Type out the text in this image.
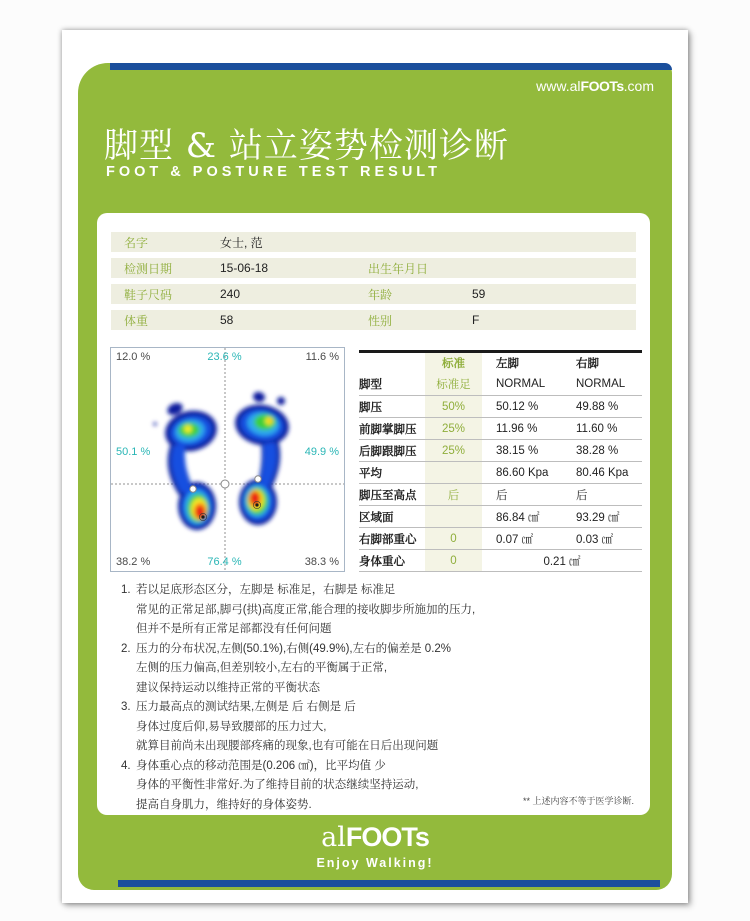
www.alFOOTs.com
脚型 & 站立姿势检测诊断
FOOT & POSTURE TEST RESULT
名字	女士, 范
检测日期	15-06-18	出生年月日
鞋子尺码	240	年龄	59
体重	58	性别	F
12.0 %	23.6 %	11.6 %
50.1 %	49.9 %
38.2 %	76.4 %	38.3 %
	标准	左脚	右脚
脚型	标准足	NORMAL	NORMAL
脚压	50%	50.12 %	49.88 %
前脚掌脚压	25%	11.96 %	11.60 %
后脚跟脚压	25%	38.15 %	38.28 %
平均		86.60 Kpa	80.46 Kpa
脚压至高点	后	后	后
区域面		86.84 ㎠	93.29 ㎠
右脚部重心	0	0.07 ㎠	0.03 ㎠
身体重心	0	0.21 ㎠	

1. 若以足底形态区分，左脚是 标准足，右脚是 标准足
常见的正常足部,脚弓(拱)高度正常,能合理的接收脚步所施加的压力,
但并不是所有正常足部都没有任何问题
2. 压力的分布状况,左侧(50.1%),右侧(49.9%),左右的偏差是 0.2%
左侧的压力偏高,但差别较小,左右的平衡属于正常,
建议保持运动以维持正常的平衡状态
3. 压力最高点的测试结果,左侧是 后 右侧是 后
身体过度后仰,易导致腰部的压力过大,
就算目前尚未出现腰部疼痛的现象,也有可能在日后出现问题
4. 身体重心点的移动范围是(0.206 ㎠)，比平均值 少
身体的平衡性非常好.为了维持目前的状态继续坚持运动,
提高自身肌力，维持好的身体姿势.	** 上述内容不等于医学诊断.
alFOOTs
Enjoy Walking!
